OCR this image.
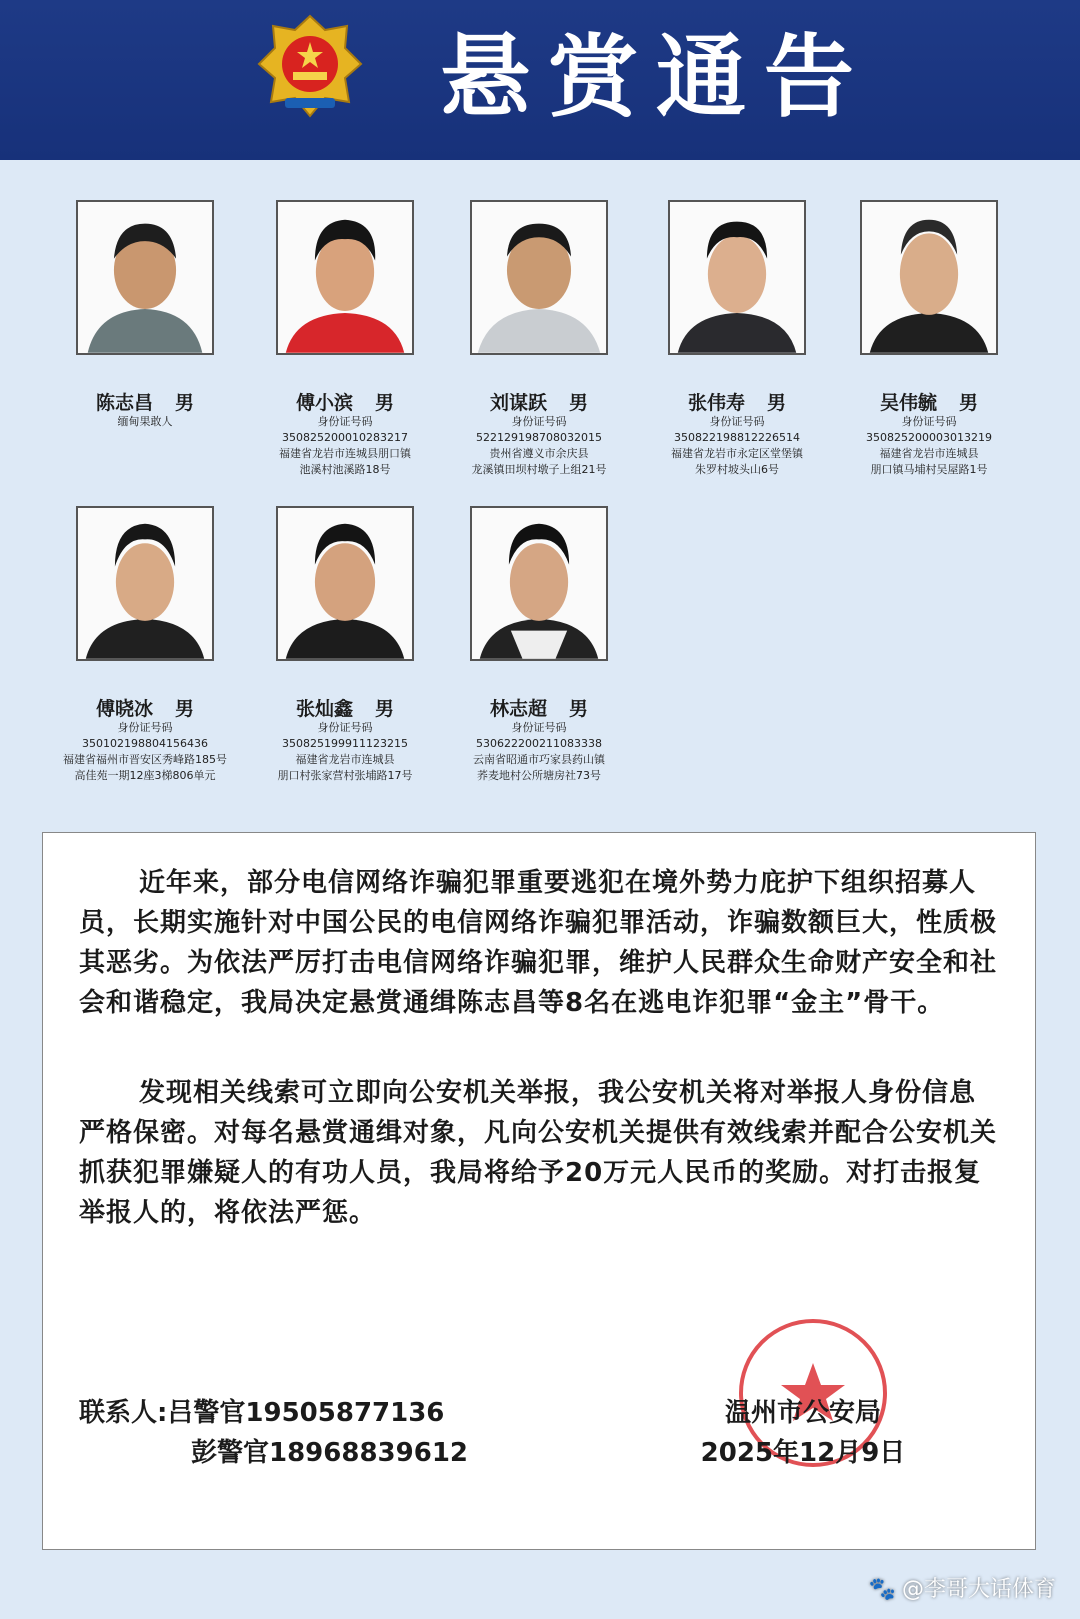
悬赏通告
陈志昌 男
缅甸果敢人
傅小滨 男
身份证号码
350825200010283217
福建省龙岩市连城县朋口镇
池溪村池溪路18号
刘谋跃 男
身份证号码
522129198708032015
贵州省遵义市余庆县
龙溪镇田坝村墩子上组21号
张伟寿 男
身份证号码
350822198812226514
福建省龙岩市永定区堂堡镇
朱罗村坡头山6号
吴伟毓 男
身份证号码
350825200003013219
福建省龙岩市连城县
朋口镇马埔村吴屋路1号
傅晓冰 男
身份证号码
350102198804156436
福建省福州市晋安区秀峰路185号
高佳苑一期12座3梯806单元
张灿鑫 男
身份证号码
350825199911123215
福建省龙岩市连城县
朋口村张家营村张埔路17号
林志超 男
身份证号码
530622200211083338
云南省昭通市巧家县药山镇
荞麦地村公所塘房社73号
近年来，部分电信网络诈骗犯罪重要逃犯在境外势力庇护下组织招募人员，长期实施针对中国公民的电信网络诈骗犯罪活动，诈骗数额巨大，性质极其恶劣。为依法严厉打击电信网络诈骗犯罪，维护人民群众生命财产安全和社会和谐稳定，我局决定悬赏通缉陈志昌等8名在逃电诈犯罪“金主”骨干。
发现相关线索可立即向公安机关举报，我公安机关将对举报人身份信息严格保密。对每名悬赏通缉对象，凡向公安机关提供有效线索并配合公安机关抓获犯罪嫌疑人的有功人员，我局将给予20万元人民币的奖励。对打击报复举报人的，将依法严惩。
联系人:吕警官19505877136
彭警官18968839612
温州市公安局
2025年12月9日
🐾 @李哥大话体育
